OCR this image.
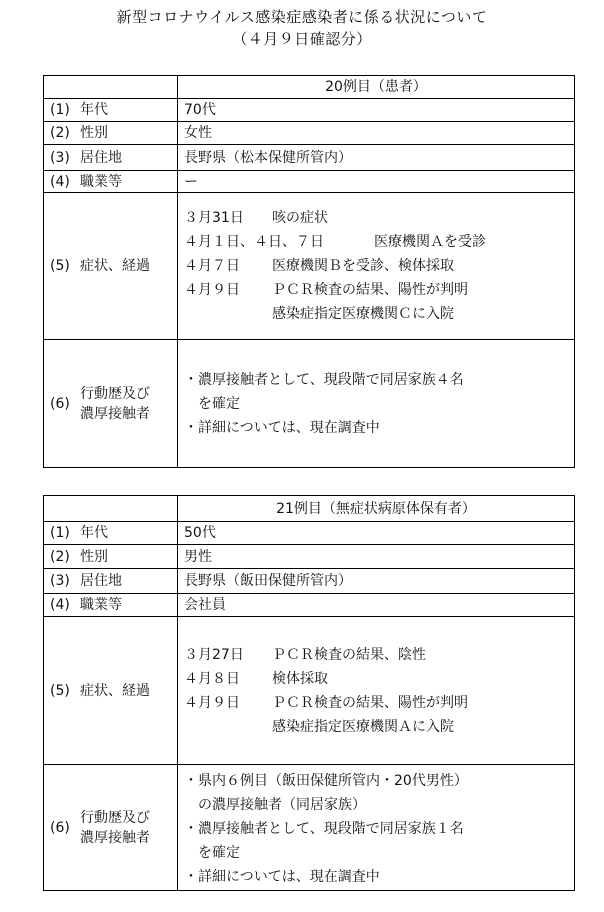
新型コロナウイルス感染症感染者に係る状況について
（４月９日確認分）
	20例目（患者）
(1) 年代	70代
(2) 性別	女性
(3) 居住地	長野県（松本保健所管内）
(4) 職業等	ー
(5) 症状、経過	３月31日 咳の症状
４月１日、４日、７日 医療機関Ａを受診
４月７日 医療機関Ｂを受診、検体採取
４月９日 ＰＣＲ検査の結果、陽性が判明
感染症指定医療機関Ｃに入院

(6)
行動歴及び
濃厚接触者	・濃厚接触者として、現段階で同居家族４名
を確定
・詳細については、現在調査中
	21例目（無症状病原体保有者）
(1) 年代	50代
(2) 性別	男性
(3) 居住地	長野県（飯田保健所管内）
(4) 職業等	会社員
(5) 症状、経過	３月27日 ＰＣＲ検査の結果、陰性
４月８日 検体採取
４月９日 ＰＣＲ検査の結果、陽性が判明
感染症指定医療機関Ａに入院

(6)
行動歴及び
濃厚接触者	・県内６例目（飯田保健所管内・20代男性）
の濃厚接触者（同居家族）
・濃厚接触者として、現段階で同居家族１名
を確定
・詳細については、現在調査中
